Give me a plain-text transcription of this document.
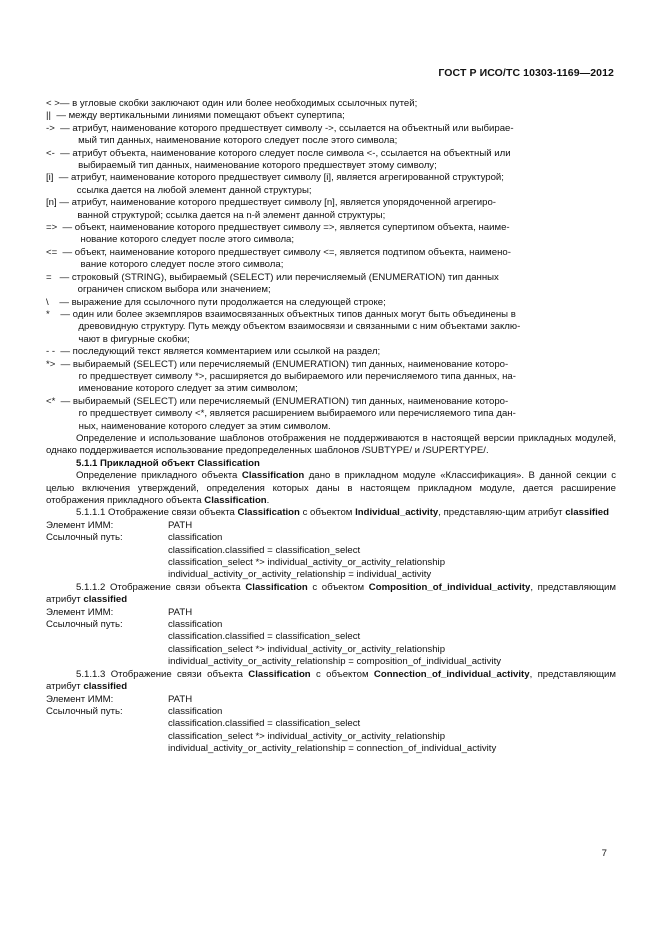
ГОСТ Р ИСО/ТС 10303-1169—2012
< > — в угловые скобки заключают один или более необходимых ссылочных путей;
|| — между вертикальными линиями помещают объект супертипа;
-> — атрибут, наименование которого предшествует символу ->, ссылается на объектный или выбирае-
мый тип данных, наименование которого следует после этого символа;
<- — атрибут объекта, наименование которого следует после символа <-, ссылается на объектный или
выбираемый тип данных, наименование которого предшествует этому символу;
[i] — атрибут, наименование которого предшествует символу [i], является агрегированной структурой;
ссылка дается на любой элемент данной структуры;
[n] — атрибут, наименование которого предшествует символу [n], является упорядоченной агрегиро-
ванной структурой; ссылка дается на n-й элемент данной структуры;
=> — объект, наименование которого предшествует символу =>, является супертипом объекта, наиме-
нование которого следует после этого символа;
<= — объект, наименование которого предшествует символу <=, является подтипом объекта, наимено-
вание которого следует после этого символа;
= — строковый (STRING), выбираемый (SELECT) или перечисляемый (ENUMERATION) тип данных
ограничен списком выбора или значением;
\ — выражение для ссылочного пути продолжается на следующей строке;
* — один или более экземпляров взаимосвязанных объектных типов данных могут быть объединены в
древовидную структуру. Путь между объектом взаимосвязи и связанными с ним объектами заклю-
чают в фигурные скобки;
- - — последующий текст является комментарием или ссылкой на раздел;
*> — выбираемый (SELECT) или перечисляемый (ENUMERATION) тип данных, наименование которо-
го предшествует символу *>, расширяется до выбираемого или перечисляемого типа данных, на-
именование которого следует за этим символом;
<* — выбираемый (SELECT) или перечисляемый (ENUMERATION) тип данных, наименование которо-
го предшествует символу <*, является расширением выбираемого или перечисляемого типа дан-
ных, наименование которого следует за этим символом.

Определение и использование шаблонов отображения не поддерживаются в настоящей версии прикладных модулей, однако поддерживается использование предопределенных шаблонов /SUBTYPE/ и /SUPERTYPE/.

5.1.1 Прикладной объект Classification

Определение прикладного объекта Classification дано в прикладном модуле «Классификация». В данной секции с целью включения утверждений, определения которых даны в настоящем прикладном модуле, дается расширение отображения прикладного объекта Classification.

5.1.1.1 Отображение связи объекта Classification с объектом Individual_activity, представляю-щим атрибут classified

Элемент ИММ:	PATH
Ссылочный путь:	classification
classification.classified = classification_select
classification_select *> individual_activity_or_activity_relationship
individual_activity_or_activity_relationship = individual_activity

5.1.1.2 Отображение связи объекта Classification с объектом Composition_of_individual_activity, представляющим атрибут classified

Элемент ИММ:	PATH
Ссылочный путь:	classification
classification.classified = classification_select
classification_select *> individual_activity_or_activity_relationship
individual_activity_or_activity_relationship = composition_of_individual_activity

5.1.1.3 Отображение связи объекта Classification с объектом Connection_of_individual_activity, представляющим атрибут classified

Элемент ИММ:	PATH
Ссылочный путь:	classification
classification.classified = classification_select
classification_select *> individual_activity_or_activity_relationship
individual_activity_or_activity_relationship = connection_of_individual_activity
7
